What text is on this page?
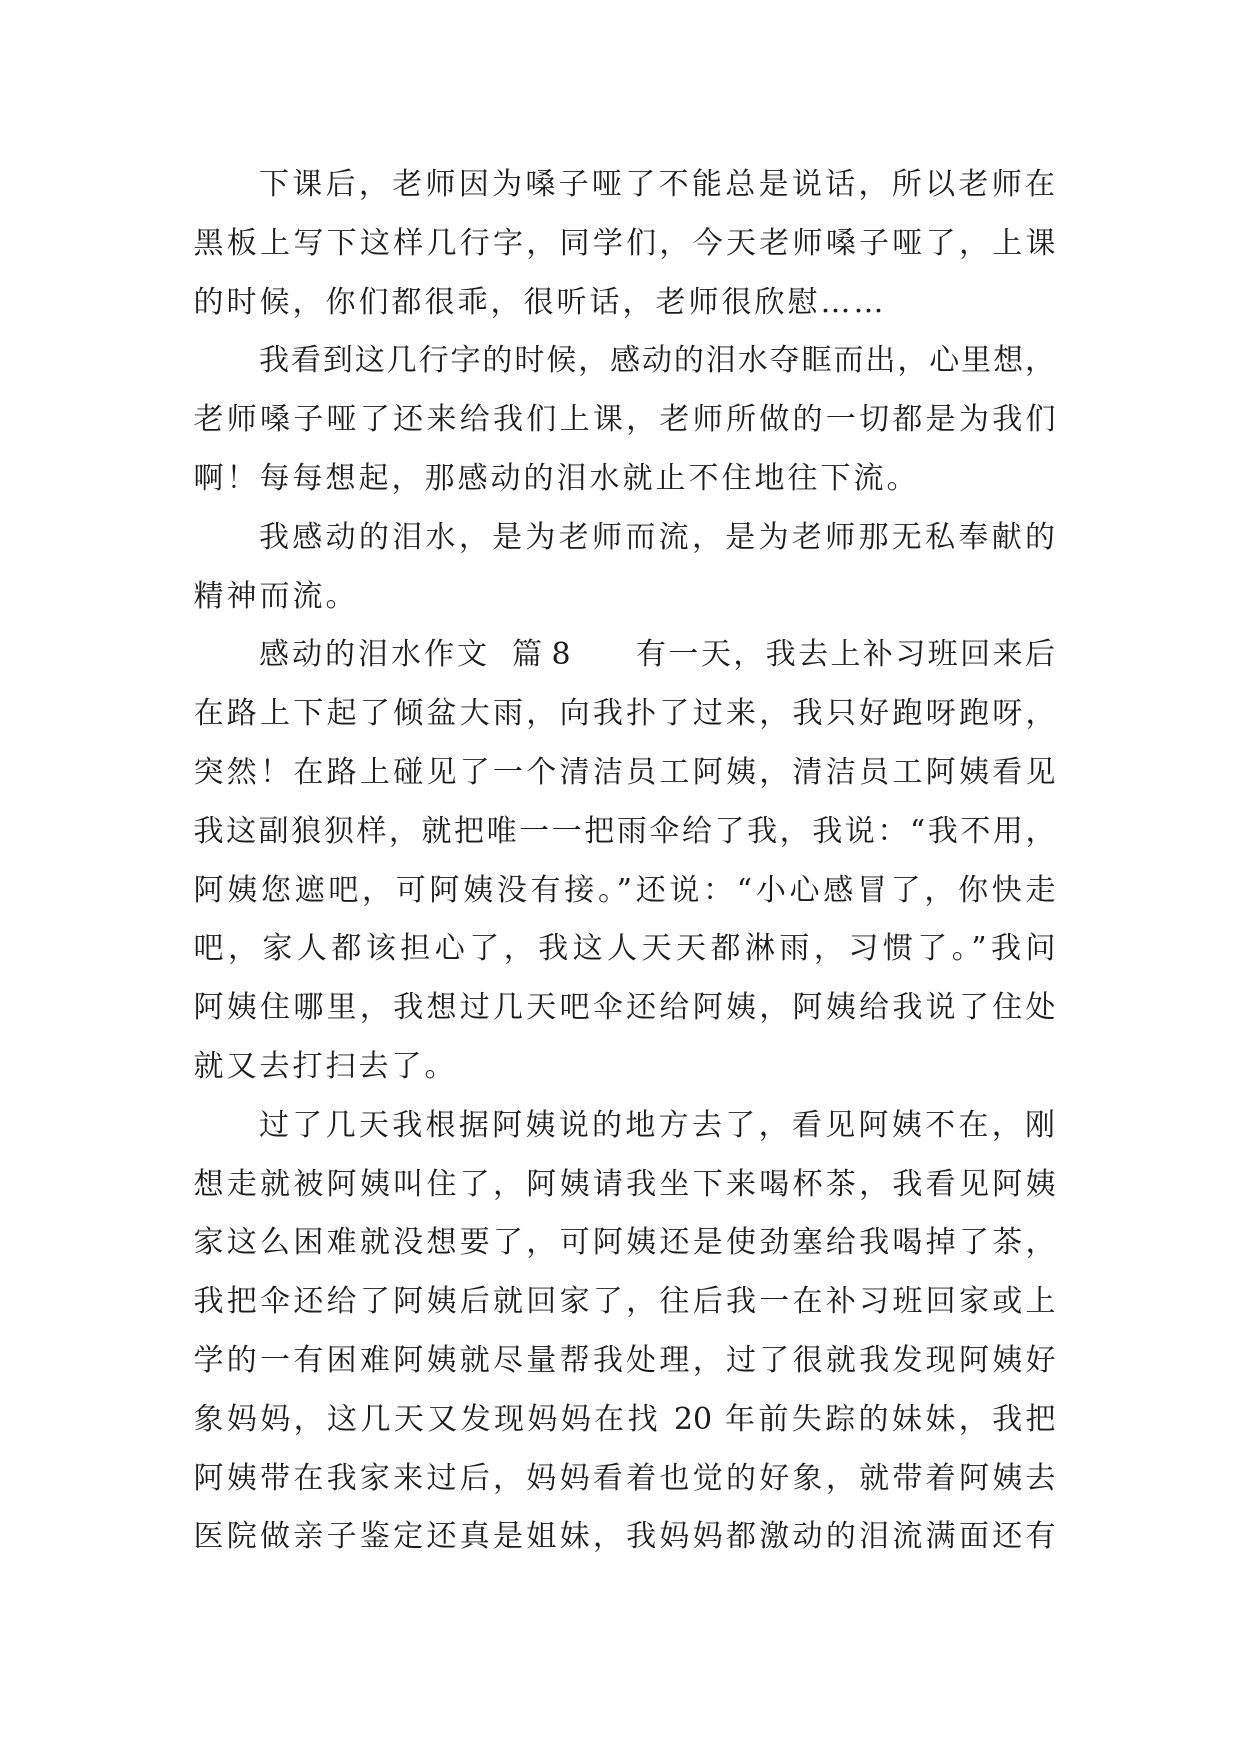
下课后，老师因为嗓子哑了不能总是说话，所以老师在
黑板上写下这样几行字，同学们，今天老师嗓子哑了，上课
的时候，你们都很乖，很听话，老师很欣慰……
我看到这几行字的时候，感动的泪水夺眶而出，心里想，
老师嗓子哑了还来给我们上课，老师所做的一切都是为我们
啊！每每想起，那感动的泪水就止不住地往下流。
我感动的泪水，是为老师而流，是为老师那无私奉献的
精神而流。
感动的泪水作文 篇 8 有一天，我去上补习班回来后
在路上下起了倾盆大雨，向我扑了过来，我只好跑呀跑呀，
突然！在路上碰见了一个清洁员工阿姨，清洁员工阿姨看见
我这副狼狈样，就把唯一一把雨伞给了我，我说：“我不用，
阿姨您遮吧，可阿姨没有接。”还说：“小心感冒了，你快走
吧，家人都该担心了，我这人天天都淋雨，习惯了。”我问
阿姨住哪里，我想过几天吧伞还给阿姨，阿姨给我说了住处
就又去打扫去了。
过了几天我根据阿姨说的地方去了，看见阿姨不在，刚
想走就被阿姨叫住了，阿姨请我坐下来喝杯茶，我看见阿姨
家这么困难就没想要了，可阿姨还是使劲塞给我喝掉了茶，
我把伞还给了阿姨后就回家了，往后我一在补习班回家或上
学的一有困难阿姨就尽量帮我处理，过了很就我发现阿姨好
象妈妈，这几天又发现妈妈在找 20 年前失踪的妹妹，我把
阿姨带在我家来过后，妈妈看着也觉的好象，就带着阿姨去
医院做亲子鉴定还真是姐妹，我妈妈都激动的泪流满面还有
